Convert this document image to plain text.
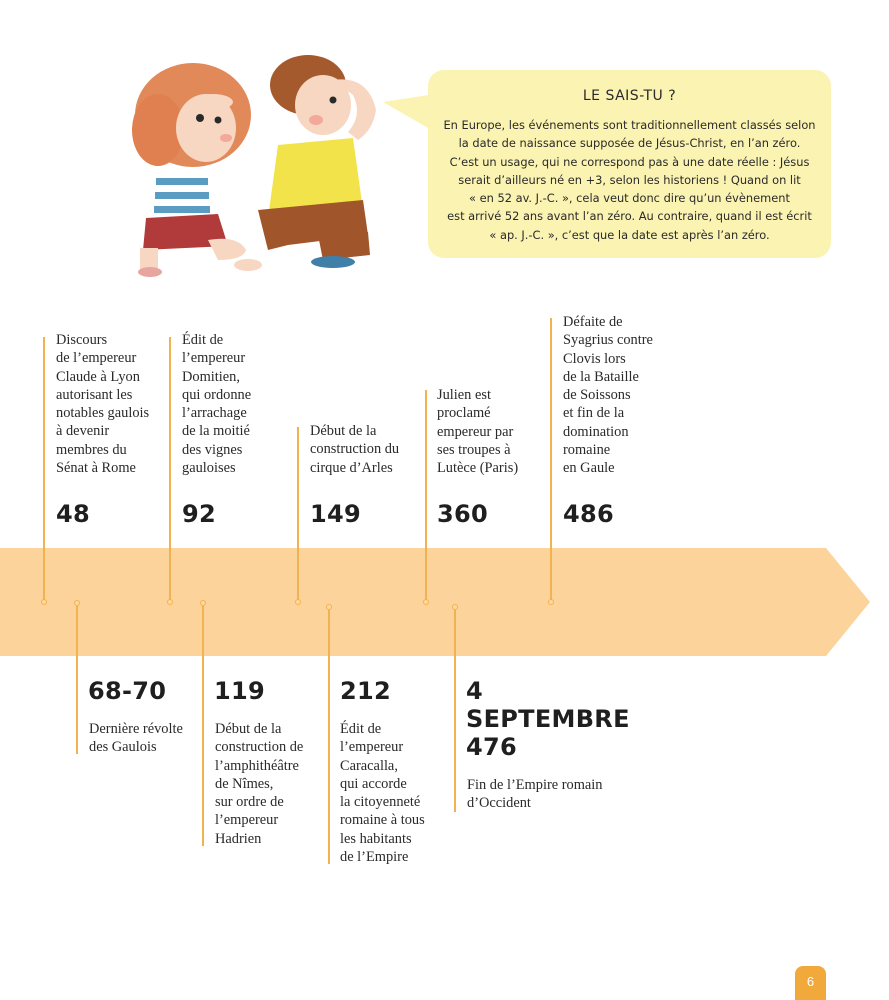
LE SAIS-TU ?
En Europe, les événements sont traditionnellement classés selon
la date de naissance supposée de Jésus-Christ, en l’an zéro.
C’est un usage, qui ne correspond pas à une date réelle : Jésus
serait d’ailleurs né en +3, selon les historiens ! Quand on lit
« en 52 av. J.-C. », cela veut donc dire qu’un évènement
est arrivé 52 ans avant l’an zéro. Au contraire, quand il est écrit
« ap. J.-C. », c’est que la date est après l’an zéro.
Discours
de l’empereur
Claude à Lyon
autorisant les
notables gaulois
à devenir
membres du
Sénat à Rome
48
Édit de
l’empereur
Domitien,
qui ordonne
l’arrachage
de la moitié
des vignes
gauloises
92
Début de la
construction du
cirque d’Arles
149
Julien est
proclamé
empereur par
ses troupes à
Lutèce (Paris)
360
Défaite de
Syagrius contre
Clovis lors
de la Bataille
de Soissons
et fin de la
domination
romaine
en Gaule
486
68-70
Dernière révolte
des Gaulois
119
Début de la
construction de
l’amphithéâtre
de Nîmes,
sur ordre de
l’empereur
Hadrien
212
Édit de
l’empereur
Caracalla,
qui accorde
la citoyenneté
romaine à tous
les habitants
de l’Empire
4
SEPTEMBRE
476
Fin de l’Empire romain
d’Occident
6
